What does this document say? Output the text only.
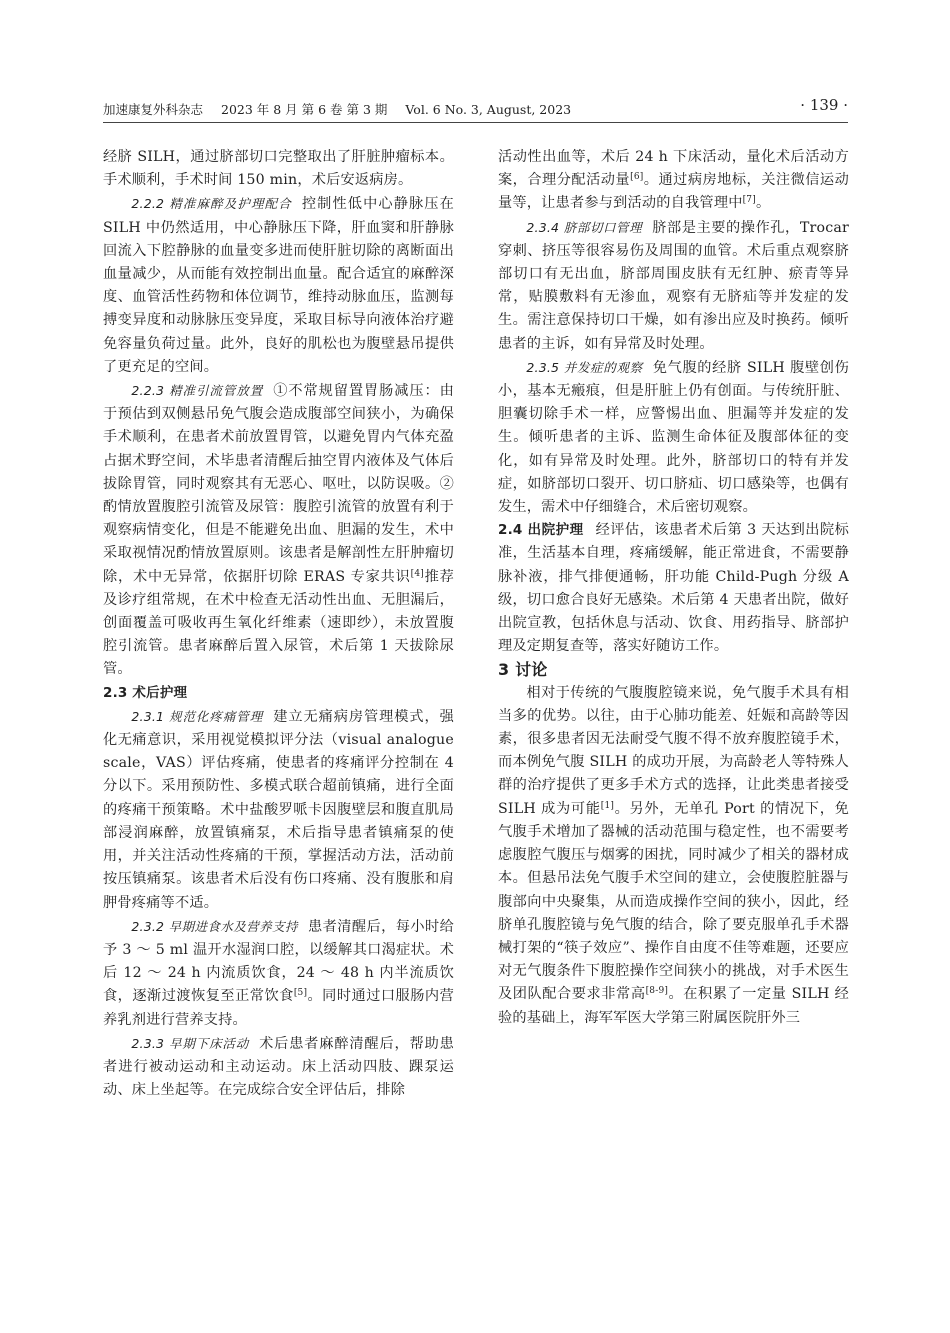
加速康复外科杂志 2023 年 8 月 第 6 卷 第 3 期 Vol. 6 No. 3, August, 2023	· 139 ·

经脐 SILH，通过脐部切口完整取出了肝脏肿瘤标本。手术顺利，手术时间 150 min，术后安返病房。

2.2.2 精准麻醉及护理配合 控制性低中心静脉压在 SILH 中仍然适用，中心静脉压下降，肝血窦和肝静脉回流入下腔静脉的血量变多进而使肝脏切除的离断面出血量减少，从而能有效控制出血量。配合适宜的麻醉深度、血管活性药物和体位调节，维持动脉血压，监测每搏变异度和动脉脉压变异度，采取目标导向液体治疗避免容量负荷过量。此外，良好的肌松也为腹壁悬吊提供了更充足的空间。

2.2.3 精准引流管放置 ①不常规留置胃肠减压：由于预估到双侧悬吊免气腹会造成腹部空间狭小，为确保手术顺利，在患者术前放置胃管，以避免胃内气体充盈占据术野空间，术毕患者清醒后抽空胃内液体及气体后拔除胃管，同时观察其有无恶心、呕吐，以防误吸。②酌情放置腹腔引流管及尿管：腹腔引流管的放置有利于观察病情变化，但是不能避免出血、胆漏的发生，术中采取视情况酌情放置原则。该患者是解剖性左肝肿瘤切除，术中无异常，依据肝切除 ERAS 专家共识[4]推荐及诊疗组常规，在术中检查无活动性出血、无胆漏后，创面覆盖可吸收再生氧化纤维素（速即纱），未放置腹腔引流管。患者麻醉后置入尿管，术后第 1 天拔除尿管。

2.3 术后护理

2.3.1 规范化疼痛管理 建立无痛病房管理模式，强化无痛意识，采用视觉模拟评分法（visual analogue scale，VAS）评估疼痛，使患者的疼痛评分控制在 4 分以下。采用预防性、多模式联合超前镇痛，进行全面的疼痛干预策略。术中盐酸罗哌卡因腹壁层和腹直肌局部浸润麻醉，放置镇痛泵，术后指导患者镇痛泵的使用，并关注活动性疼痛的干预，掌握活动方法，活动前按压镇痛泵。该患者术后没有伤口疼痛、没有腹胀和肩胛骨疼痛等不适。

2.3.2 早期进食水及营养支持 患者清醒后，每小时给予 3 ～ 5 ml 温开水湿润口腔，以缓解其口渴症状。术后 12 ～ 24 h 内流质饮食，24 ～ 48 h 内半流质饮食，逐渐过渡恢复至正常饮食[5]。同时通过口服肠内营养乳剂进行营养支持。

2.3.3 早期下床活动 术后患者麻醉清醒后，帮助患者进行被动运动和主动运动。床上活动四肢、踝泵运动、床上坐起等。在完成综合安全评估后，排除

活动性出血等，术后 24 h 下床活动，量化术后活动方案，合理分配活动量[6]。通过病房地标，关注微信运动量等，让患者参与到活动的自我管理中[7]。

2.3.4 脐部切口管理 脐部是主要的操作孔，Trocar 穿刺、挤压等很容易伤及周围的血管。术后重点观察脐部切口有无出血，脐部周围皮肤有无红肿、瘀青等异常，贴膜敷料有无渗血，观察有无脐疝等并发症的发生。需注意保持切口干燥，如有渗出应及时换药。倾听患者的主诉，如有异常及时处理。

2.3.5 并发症的观察 免气腹的经脐 SILH 腹壁创伤小，基本无瘢痕，但是肝脏上仍有创面。与传统肝脏、胆囊切除手术一样，应警惕出血、胆漏等并发症的发生。倾听患者的主诉、监测生命体征及腹部体征的变化，如有异常及时处理。此外，脐部切口的特有并发症，如脐部切口裂开、切口脐疝、切口感染等，也偶有发生，需术中仔细缝合，术后密切观察。

2.4 出院护理 经评估，该患者术后第 3 天达到出院标准，生活基本自理，疼痛缓解，能正常进食，不需要静脉补液，排气排便通畅，肝功能 Child-Pugh 分级 A 级，切口愈合良好无感染。术后第 4 天患者出院，做好出院宣教，包括休息与活动、饮食、用药指导、脐部护理及定期复查等，落实好随访工作。

3 讨论

相对于传统的气腹腹腔镜来说，免气腹手术具有相当多的优势。以往，由于心肺功能差、妊娠和高龄等因素，很多患者因无法耐受气腹不得不放弃腹腔镜手术，而本例免气腹 SILH 的成功开展，为高龄老人等特殊人群的治疗提供了更多手术方式的选择，让此类患者接受 SILH 成为可能[1]。另外，无单孔 Port 的情况下，免气腹手术增加了器械的活动范围与稳定性，也不需要考虑腹腔气腹压与烟雾的困扰，同时减少了相关的器材成本。但悬吊法免气腹手术空间的建立，会使腹腔脏器与腹部向中央聚集，从而造成操作空间的狭小，因此，经脐单孔腹腔镜与免气腹的结合，除了要克服单孔手术器械打架的“筷子效应”、操作自由度不佳等难题，还要应对无气腹条件下腹腔操作空间狭小的挑战，对手术医生及团队配合要求非常高[8-9]。在积累了一定量 SILH 经验的基础上，海军军医大学第三附属医院肝外三
